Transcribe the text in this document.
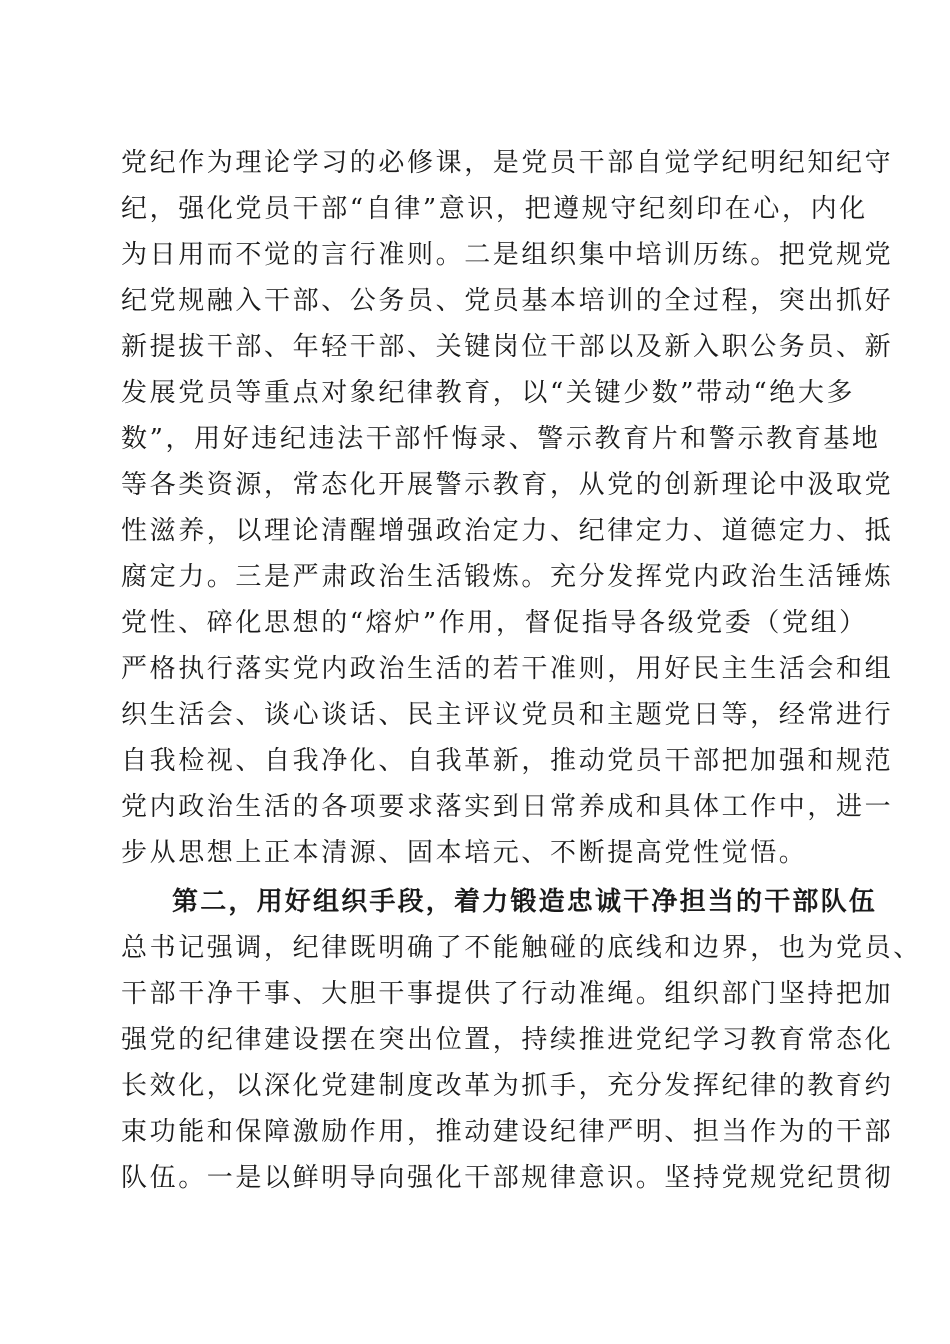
党纪作为理论学习的必修课，是党员干部自觉学纪明纪知纪守
纪，强化党员干部“自律”意识，把遵规守纪刻印在心，内化
为日用而不觉的言行准则。二是组织集中培训历练。把党规党
纪党规融入干部、公务员、党员基本培训的全过程，突出抓好
新提拔干部、年轻干部、关键岗位干部以及新入职公务员、新
发展党员等重点对象纪律教育，以“关键少数”带动“绝大多
数”，用好违纪违法干部忏悔录、警示教育片和警示教育基地
等各类资源，常态化开展警示教育，从党的创新理论中汲取党
性滋养，以理论清醒增强政治定力、纪律定力、道德定力、抵
腐定力。三是严肃政治生活锻炼。充分发挥党内政治生活锤炼
党性、碎化思想的“熔炉”作用，督促指导各级党委（党组）
严格执行落实党内政治生活的若干准则，用好民主生活会和组
织生活会、谈心谈话、民主评议党员和主题党日等，经常进行
自我检视、自我净化、自我革新，推动党员干部把加强和规范
党内政治生活的各项要求落实到日常养成和具体工作中，进一
步从思想上正本清源、固本培元、不断提高党性觉悟。
第二，用好组织手段，着力锻造忠诚干净担当的干部队伍
总书记强调，纪律既明确了不能触碰的底线和边界，也为党员、
干部干净干事、大胆干事提供了行动准绳。组织部门坚持把加
强党的纪律建设摆在突出位置，持续推进党纪学习教育常态化
长效化，以深化党建制度改革为抓手，充分发挥纪律的教育约
束功能和保障激励作用，推动建设纪律严明、担当作为的干部
队伍。一是以鲜明导向强化干部规律意识。坚持党规党纪贯彻
